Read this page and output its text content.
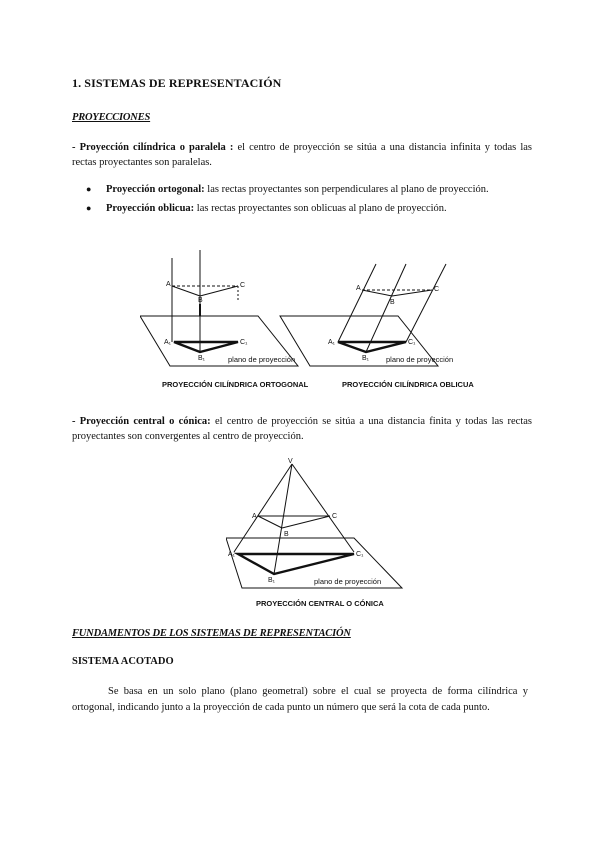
1. SISTEMAS DE REPRESENTACIÓN

PROYECCIONES

- Proyección cilíndrica o paralela : el centro de proyección se sitúa a una distancia infinita y todas las rectas proyectantes son paralelas.

● Proyección ortogonal: las rectas proyectantes son perpendiculares al plano de proyección.
● Proyección oblicua: las rectas proyectantes son oblicuas al plano de proyección.
A
B
C
A₁
B₁
C₁
plano de proyección
PROYECCIÓN CILÍNDRICA ORTOGONAL
A
B
C
A₁
B₁
C₁
plano de proyección
PROYECCIÓN CILÍNDRICA OBLICUA

- Proyección central o cónica: el centro de proyección se sitúa a una distancia finita y todas las rectas proyectantes son convergentes al centro de proyección.

V
A
B
C
A₁
B₁
C₁
plano de proyección
PROYECCIÓN CENTRAL O CÓNICA

FUNDAMENTOS DE LOS SISTEMAS DE REPRESENTACIÓN

SISTEMA ACOTADO

Se basa en un solo plano (plano geometral) sobre el cual se proyecta de forma cilíndrica y ortogonal, indicando junto a la proyección de cada punto un número que será la cota de cada punto.
